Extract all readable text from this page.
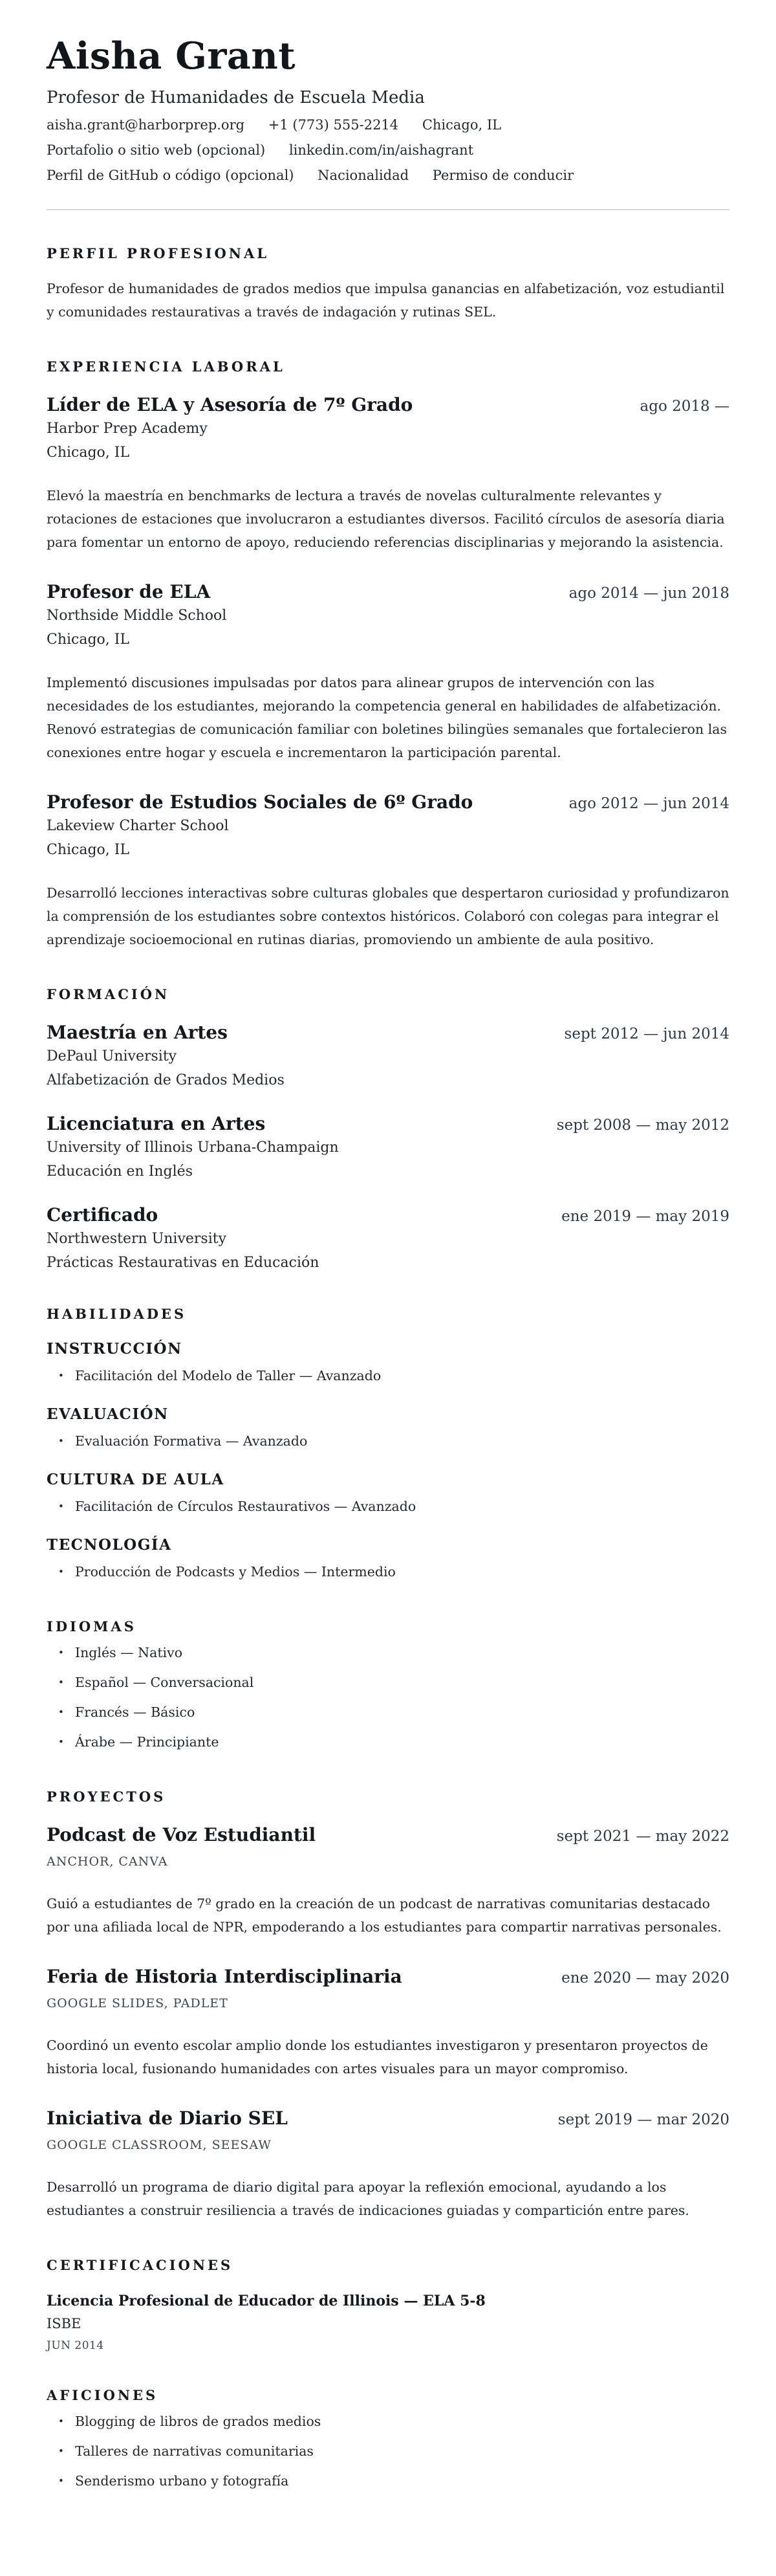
Aisha Grant
Profesor de Humanidades de Escuela Media
aisha.grant@harborprep.org +1 (773) 555-2214 Chicago, IL
Portafolio o sitio web (opcional) linkedin.com/in/aishagrant
Perfil de GitHub o código (opcional) Nacionalidad Permiso de conducir
PERFIL PROFESIONAL
Profesor de humanidades de grados medios que impulsa ganancias en alfabetización, voz estudiantil y comunidades restaurativas a través de indagación y rutinas SEL.
EXPERIENCIA LABORAL
Líder de ELA y Asesoría de 7º Grado	ago 2018 —
Harbor Prep Academy
Chicago, IL
Elevó la maestría en benchmarks de lectura a través de novelas culturalmente relevantes y rotaciones de estaciones que involucraron a estudiantes diversos. Facilitó círculos de asesoría diaria para fomentar un entorno de apoyo, reduciendo referencias disciplinarias y mejorando la asistencia.
Profesor de ELA	ago 2014 — jun 2018
Northside Middle School
Chicago, IL
Implementó discusiones impulsadas por datos para alinear grupos de intervención con las necesidades de los estudiantes, mejorando la competencia general en habilidades de alfabetización. Renovó estrategias de comunicación familiar con boletines bilingües semanales que fortalecieron las conexiones entre hogar y escuela e incrementaron la participación parental.
Profesor de Estudios Sociales de 6º Grado	ago 2012 — jun 2014
Lakeview Charter School
Chicago, IL
Desarrolló lecciones interactivas sobre culturas globales que despertaron curiosidad y profundizaron la comprensión de los estudiantes sobre contextos históricos. Colaboró con colegas para integrar el aprendizaje socioemocional en rutinas diarias, promoviendo un ambiente de aula positivo.
FORMACIÓN
Maestría en Artes	sept 2012 — jun 2014
DePaul University
Alfabetización de Grados Medios
Licenciatura en Artes	sept 2008 — may 2012
University of Illinois Urbana-Champaign
Educación en Inglés
Certificado	ene 2019 — may 2019
Northwestern University
Prácticas Restaurativas en Educación
HABILIDADES
INSTRUCCIÓN
• Facilitación del Modelo de Taller — Avanzado
EVALUACIÓN
• Evaluación Formativa — Avanzado
CULTURA DE AULA
• Facilitación de Círculos Restaurativos — Avanzado
TECNOLOGÍA
• Producción de Podcasts y Medios — Intermedio
IDIOMAS
• Inglés — Nativo
• Español — Conversacional
• Francés — Básico
• Árabe — Principiante
PROYECTOS
Podcast de Voz Estudiantil	sept 2021 — may 2022
ANCHOR, CANVA
Guió a estudiantes de 7º grado en la creación de un podcast de narrativas comunitarias destacado por una afiliada local de NPR, empoderando a los estudiantes para compartir narrativas personales.
Feria de Historia Interdisciplinaria	ene 2020 — may 2020
GOOGLE SLIDES, PADLET
Coordinó un evento escolar amplio donde los estudiantes investigaron y presentaron proyectos de historia local, fusionando humanidades con artes visuales para un mayor compromiso.
Iniciativa de Diario SEL	sept 2019 — mar 2020
GOOGLE CLASSROOM, SEESAW
Desarrolló un programa de diario digital para apoyar la reflexión emocional, ayudando a los estudiantes a construir resiliencia a través de indicaciones guiadas y compartición entre pares.
CERTIFICACIONES
Licencia Profesional de Educador de Illinois — ELA 5-8
ISBE
JUN 2014
AFICIONES
• Blogging de libros de grados medios
• Talleres de narrativas comunitarias
• Senderismo urbano y fotografía
